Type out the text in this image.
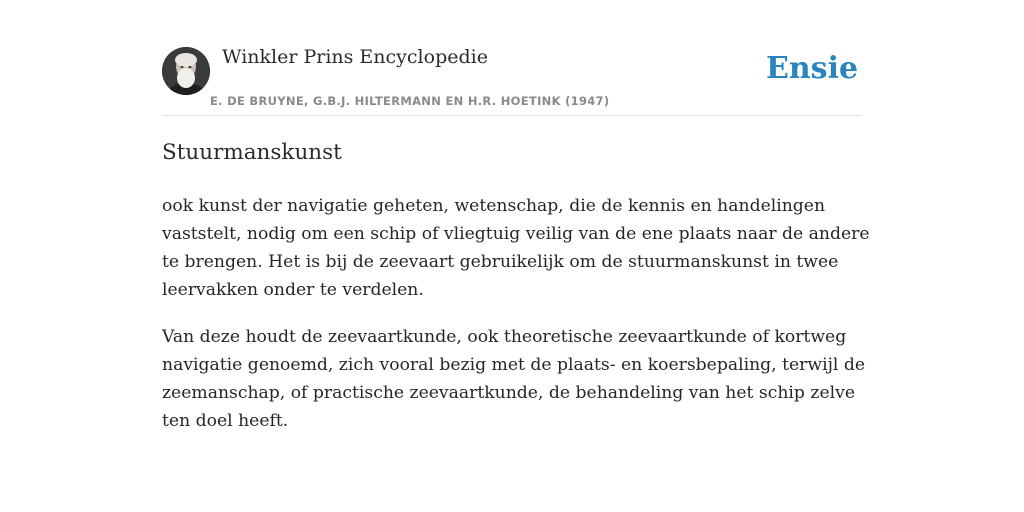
Winkler Prins Encyclopedie
E. DE BRUYNE, G.B.J. HILTERMANN EN H.R. HOETINK (1947)
Ensie
Stuurmanskunst

ook kunst der navigatie geheten, wetenschap, die de kennis en handelingen vaststelt, nodig om een schip of vliegtuig veilig van de ene plaats naar de andere te brengen. Het is bij de zeevaart gebruikelijk om de stuurmanskunst in twee leervakken onder te verdelen.

Van deze houdt de zeevaartkunde, ook theoretische zeevaartkunde of kortweg navigatie genoemd, zich vooral bezig met de plaats- en koersbepaling, terwijl de zeemanschap, of practische zeevaartkunde, de behandeling van het schip zelve ten doel heeft.
